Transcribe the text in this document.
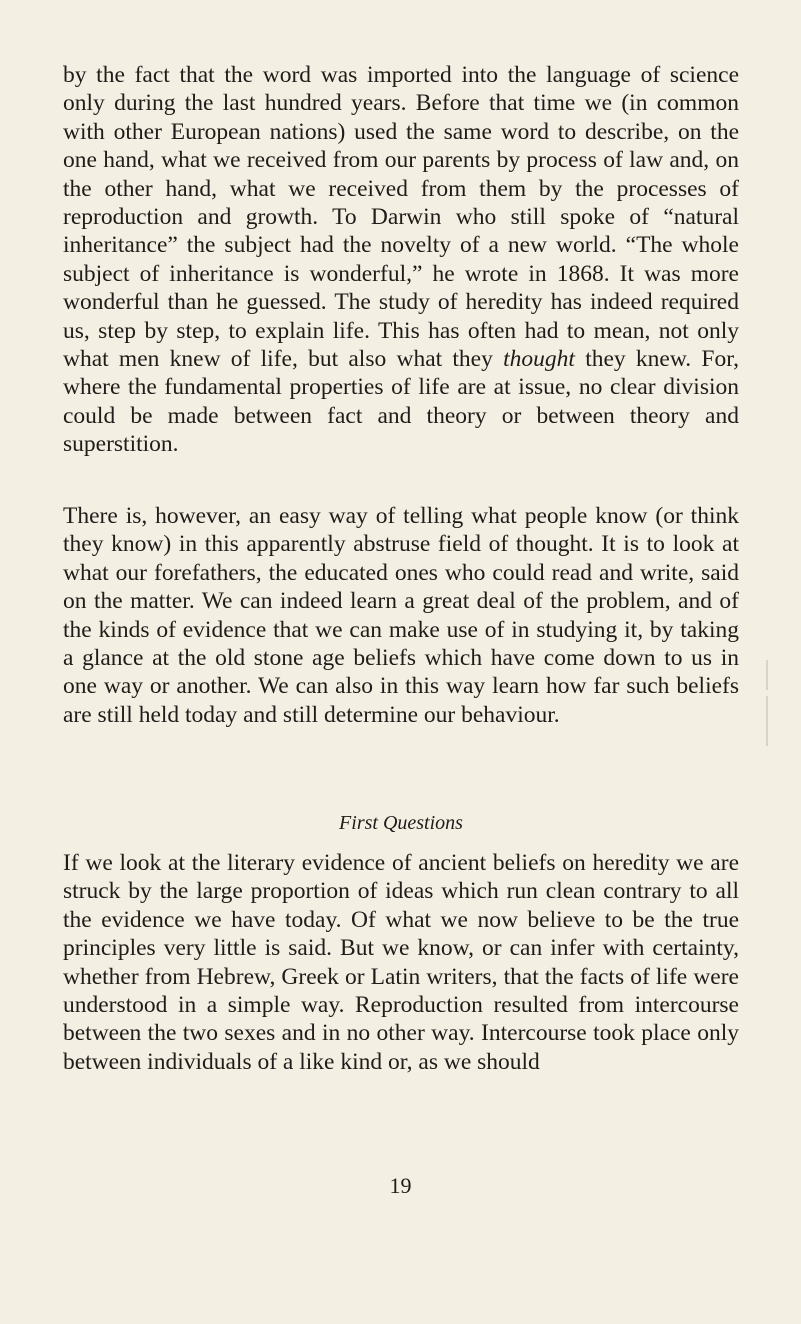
by the fact that the word was imported into the language of science only during the last hundred years. Before that time we (in common with other European nations) used the same word to describe, on the one hand, what we received from our parents by process of law and, on the other hand, what we received from them by the processes of reproduction and growth. To Darwin who still spoke of “natural inheritance” the subject had the novelty of a new world. “The whole subject of inheritance is wonderful,” he wrote in 1868. It was more wonderful than he guessed. The study of heredity has indeed required us, step by step, to explain life. This has often had to mean, not only what men knew of life, but also what they thought they knew. For, where the fundamental properties of life are at issue, no clear division could be made between fact and theory or between theory and superstition.

There is, however, an easy way of telling what people know (or think they know) in this apparently abstruse field of thought. It is to look at what our forefathers, the educated ones who could read and write, said on the matter. We can indeed learn a great deal of the problem, and of the kinds of evidence that we can make use of in studying it, by taking a glance at the old stone age beliefs which have come down to us in one way or another. We can also in this way learn how far such beliefs are still held today and still determine our behaviour.

First Questions

If we look at the literary evidence of ancient beliefs on heredity we are struck by the large proportion of ideas which run clean contrary to all the evidence we have today. Of what we now believe to be the true principles very little is said. But we know, or can infer with certainty, whether from Hebrew, Greek or Latin writers, that the facts of life were understood in a simple way. Reproduction resulted from intercourse between the two sexes and in no other way. Intercourse took place only between individuals of a like kind or, as we should

19
